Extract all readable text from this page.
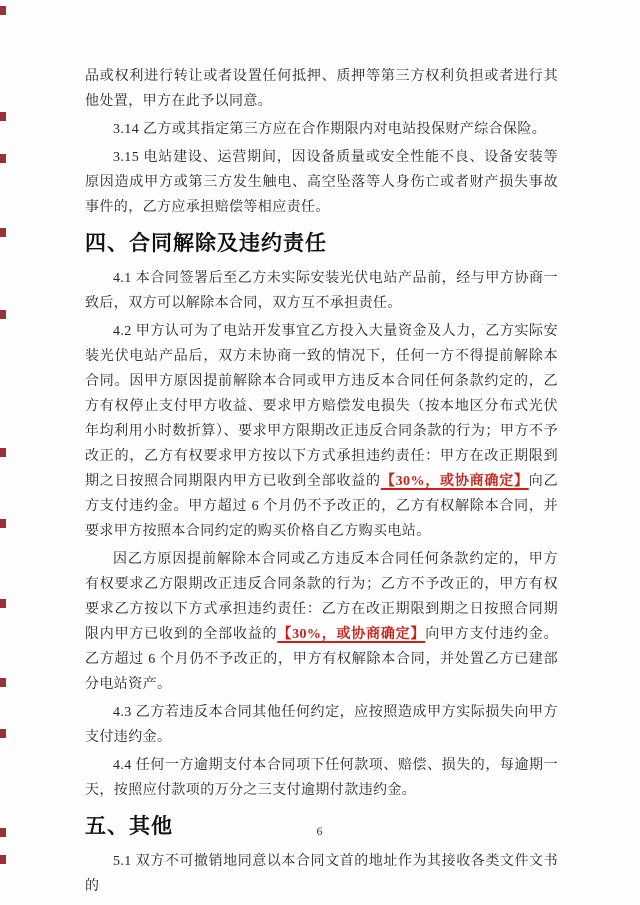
品或权利进行转让或者设置任何抵押、质押等第三方权利负担或者进行其他处置，甲方在此予以同意。

3.14 乙方或其指定第三方应在合作期限内对电站投保财产综合保险。

3.15 电站建设、运营期间，因设备质量或安全性能不良、设备安装等原因造成甲方或第三方发生触电、高空坠落等人身伤亡或者财产损失事故事件的，乙方应承担赔偿等相应责任。

四、合同解除及违约责任

4.1 本合同签署后至乙方未实际安装光伏电站产品前，经与甲方协商一致后，双方可以解除本合同，双方互不承担责任。

4.2 甲方认可为了电站开发事宜乙方投入大量资金及人力，乙方实际安装光伏电站产品后，双方未协商一致的情况下，任何一方不得提前解除本合同。因甲方原因提前解除本合同或甲方违反本合同任何条款约定的，乙方有权停止支付甲方收益、要求甲方赔偿发电损失（按本地区分布式光伏年均利用小时数折算）、要求甲方限期改正违反合同条款的行为；甲方不予改正的，乙方有权要求甲方按以下方式承担违约责任：甲方在改正期限到期之日按照合同期限内甲方已收到全部收益的【30%，或协商确定】向乙方支付违约金。甲方超过 6 个月仍不予改正的，乙方有权解除本合同，并要求甲方按照本合同约定的购买价格自乙方购买电站。

因乙方原因提前解除本合同或乙方违反本合同任何条款约定的，甲方有权要求乙方限期改正违反合同条款的行为；乙方不予改正的，甲方有权要求乙方按以下方式承担违约责任：乙方在改正期限到期之日按照合同期限内甲方已收到的全部收益的【30%，或协商确定】向甲方支付违约金。乙方超过 6 个月仍不予改正的，甲方有权解除本合同，并处置乙方已建部分电站资产。

4.3 乙方若违反本合同其他任何约定，应按照造成甲方实际损失向甲方支付违约金。

4.4 任何一方逾期支付本合同项下任何款项、赔偿、损失的，每逾期一天，按照应付款项的万分之三支付逾期付款违约金。

五、其他

5.1 双方不可撤销地同意以本合同文首的地址作为其接收各类文件文书的

6
